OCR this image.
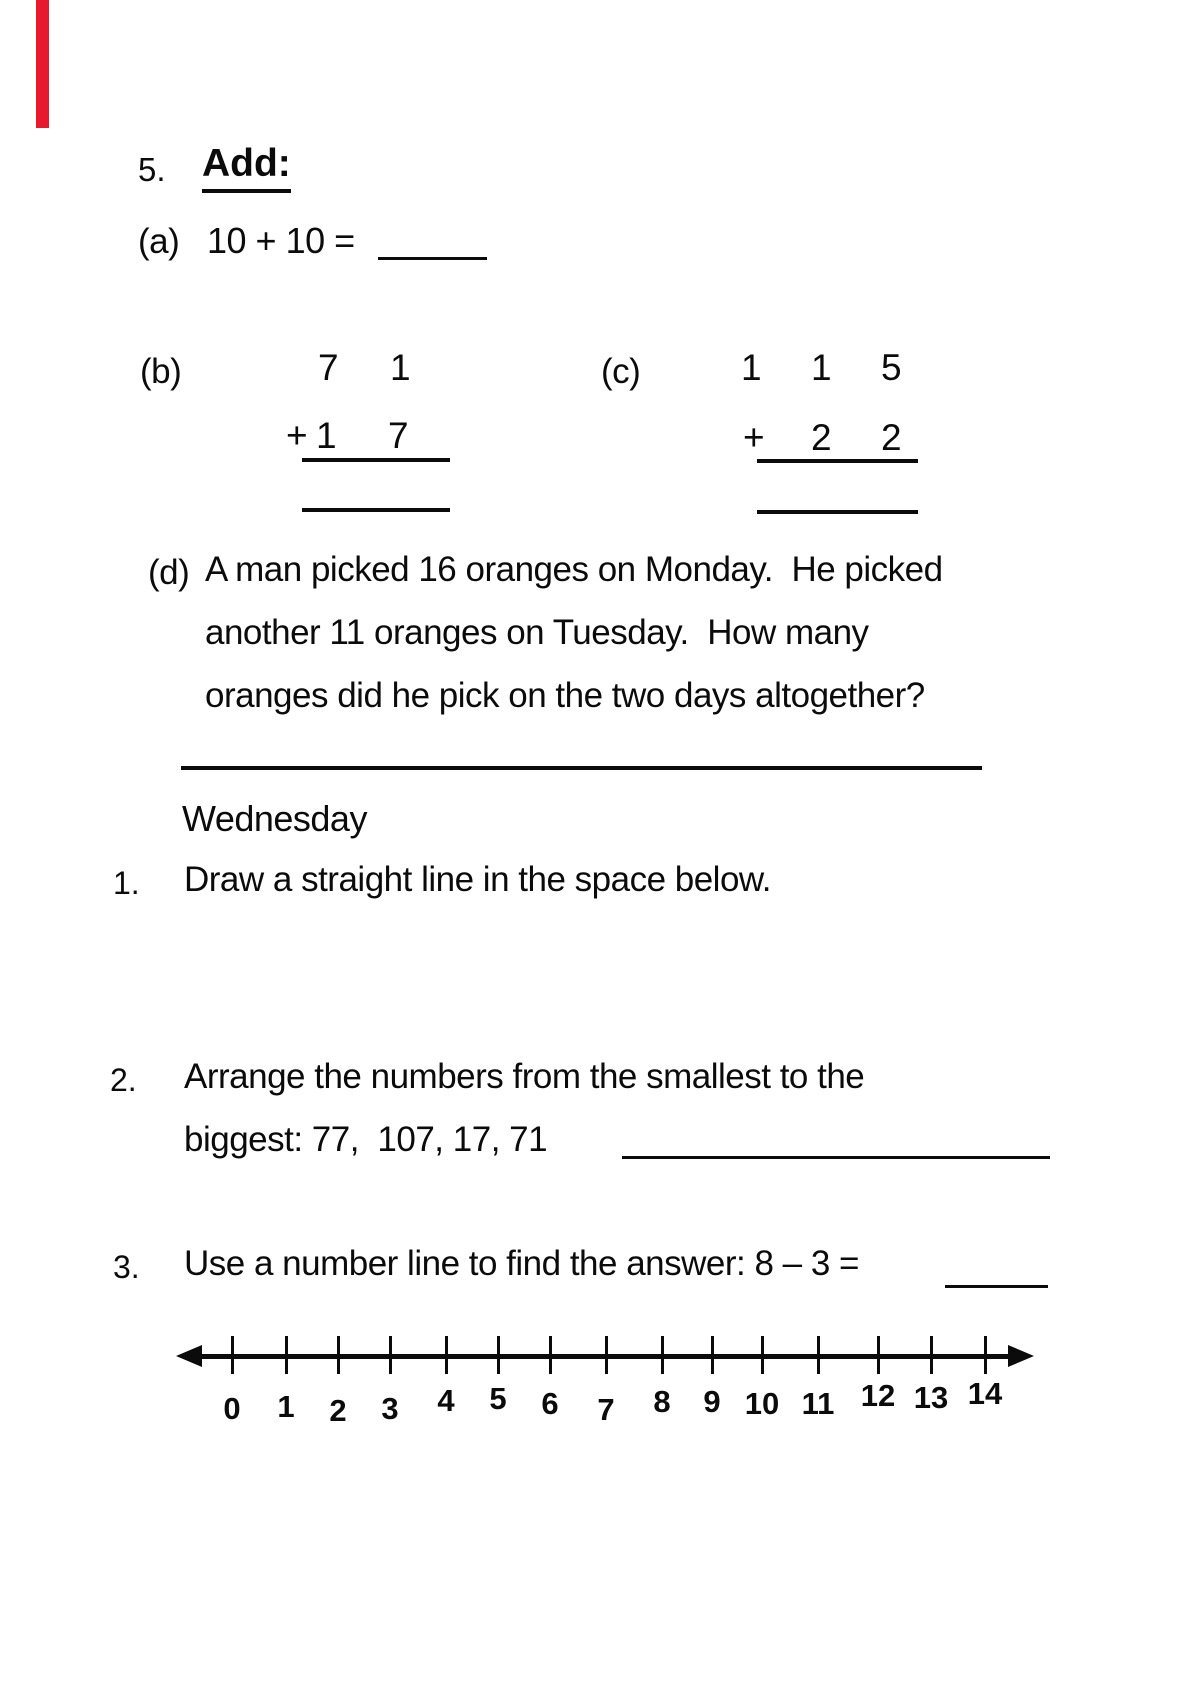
5. Add:
(a) 10 + 10 =
(b)	7 1
+ 1 7
(c)	1 1 5
+ 2 2
(d) A man picked 16 oranges on Monday.  He picked
another 11 oranges on Tuesday.  How many
oranges did he pick on the two days altogether?
Wednesday
1. Draw a straight line in the space below.
2. Arrange the numbers from the smallest to the
biggest: 77,  107, 17, 71
3. Use a number line to find the answer: 8 – 3 =
0 1 2 3 4 5 6 7 8 9 10 11 12 13 14
